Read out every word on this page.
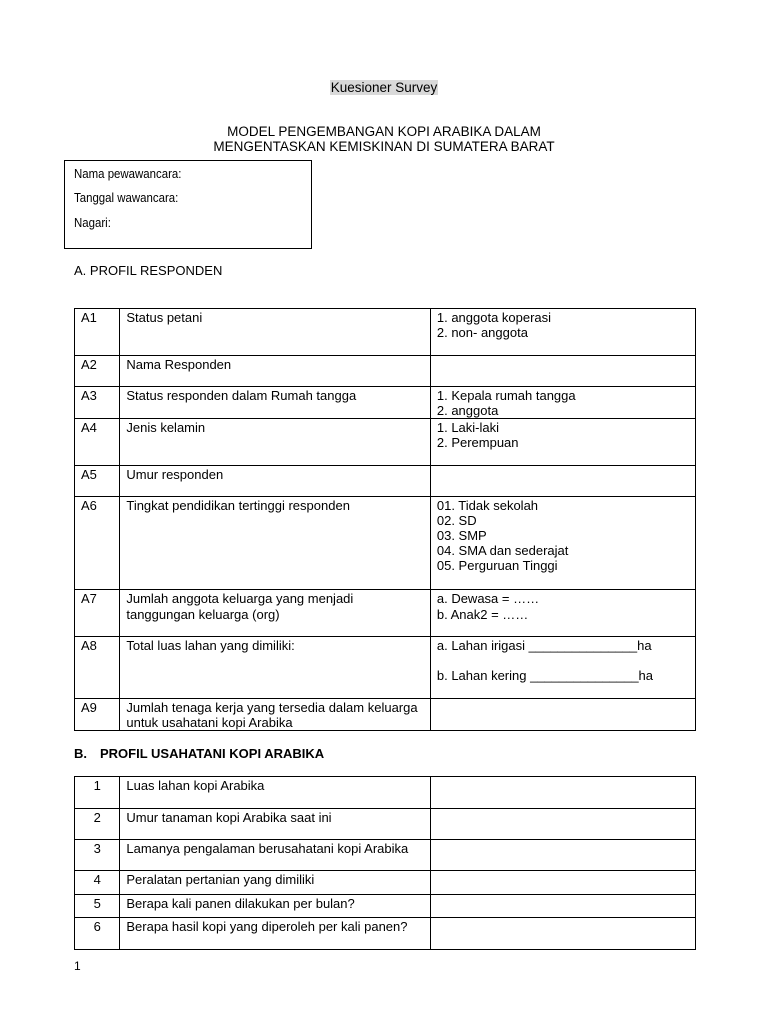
Kuesioner Survey
MODEL PENGEMBANGAN KOPI ARABIKA DALAM
MENGENTASKAN KEMISKINAN DI SUMATERA BARAT
Nama pewawancara:
Tanggal wawancara:
Nagari:
A. PROFIL RESPONDEN
A1	Status petani	1. anggota koperasi
2. non- anggota

A2	Nama Responden	
A3	Status responden dalam Rumah tangga	1. Kepala rumah tangga
2. anggota

A4	Jenis kelamin	1. Laki-laki
2. Perempuan

A5	Umur responden	
A6	Tingkat pendidikan tertinggi responden	01. Tidak sekolah
02. SD
03. SMP
04. SMA dan sederajat
05. Perguruan Tinggi

A7	Jumlah anggota keluarga yang menjadi tanggungan keluarga (org)	a. Dewasa = ……
b. Anak2 = ……

A8	Total luas lahan yang dimiliki:	a. Lahan irigasi _______________ha
b. Lahan kering _______________ha

A9	Jumlah tenaga kerja yang tersedia dalam keluarga untuk usahatani kopi Arabika	
B. PROFIL USAHATANI KOPI ARABIKA
1	Luas lahan kopi Arabika	
2	Umur tanaman kopi Arabika saat ini	
3	Lamanya pengalaman berusahatani kopi Arabika	
4	Peralatan pertanian yang dimiliki	
5	Berapa kali panen dilakukan per bulan?	
6	Berapa hasil kopi yang diperoleh per kali panen?	
1
